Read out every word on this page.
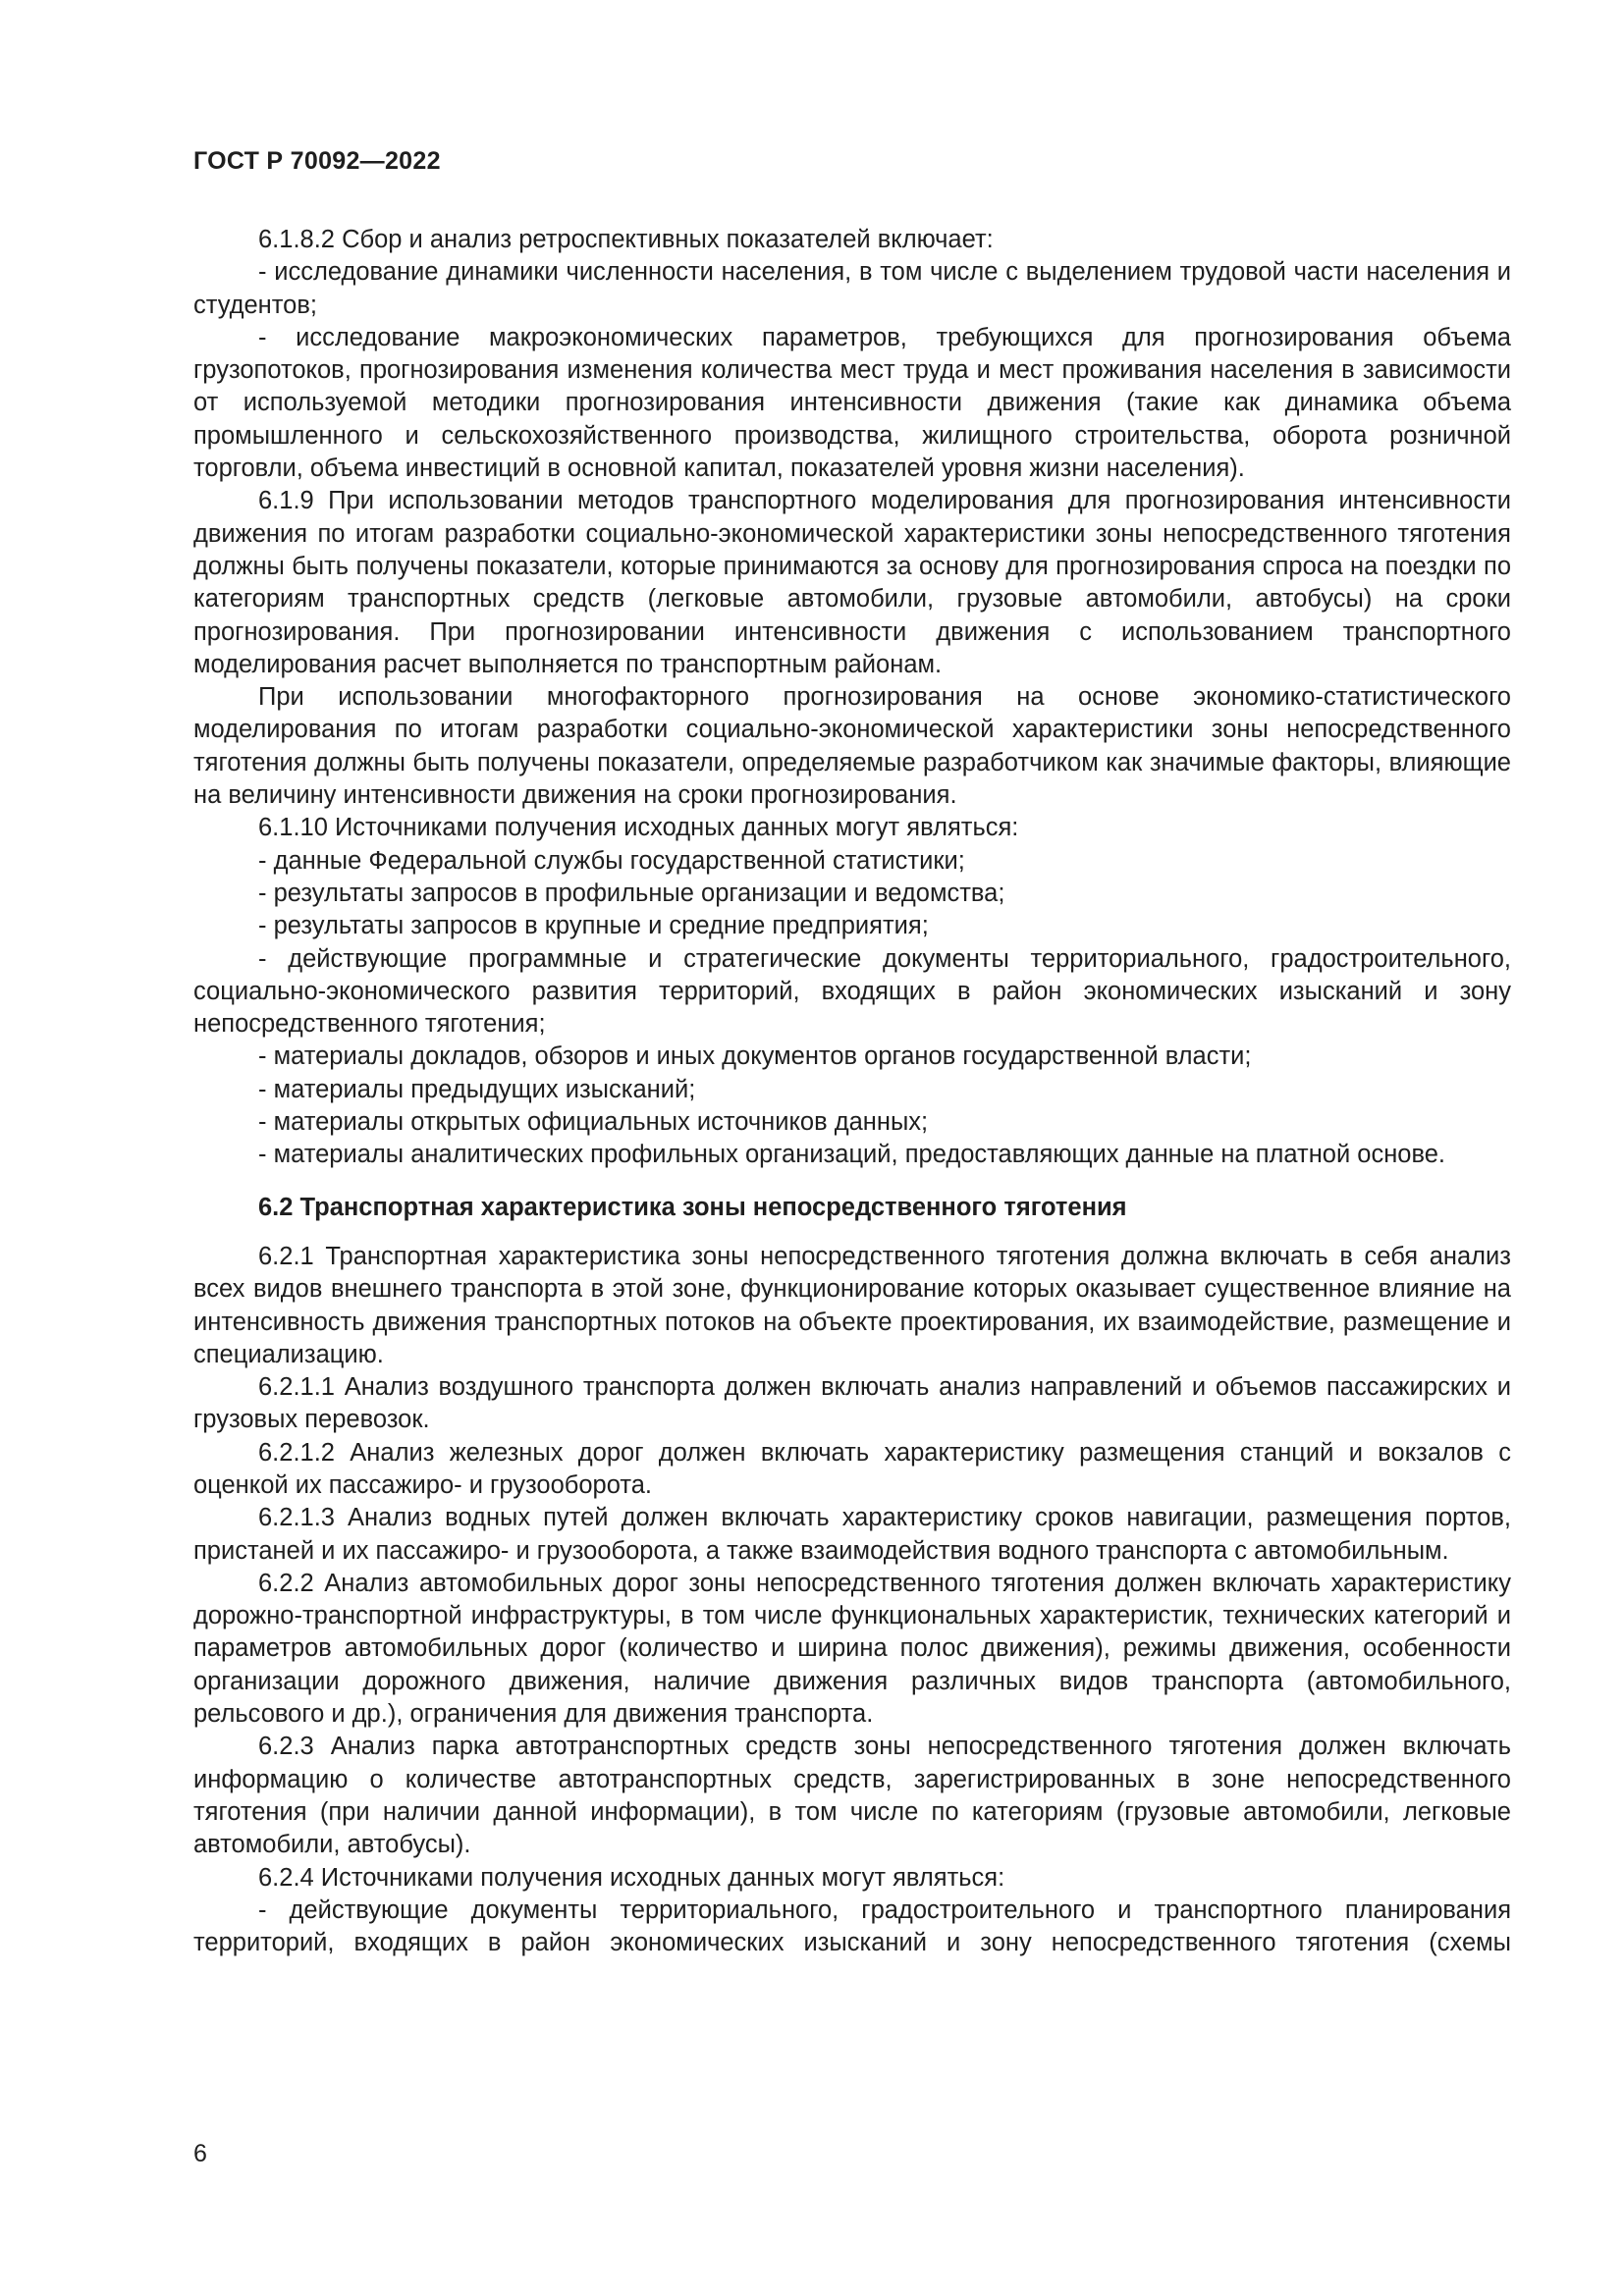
ГОСТ Р 70092—2022

6.1.8.2 Сбор и анализ ретроспективных показателей включает:

- исследование динамики численности населения, в том числе с выделением трудовой части населения и студентов;

- исследование макроэкономических параметров, требующихся для прогнозирования объема грузопотоков, прогнозирования изменения количества мест труда и мест проживания населения в зависимости от используемой методики прогнозирования интенсивности движения (такие как динамика объема промышленного и сельскохозяйственного производства, жилищного строительства, оборота розничной торговли, объема инвестиций в основной капитал, показателей уровня жизни населения).

6.1.9 При использовании методов транспортного моделирования для прогнозирования интенсивности движения по итогам разработки социально-экономической характеристики зоны непосредственного тяготения должны быть получены показатели, которые принимаются за основу для прогнозирования спроса на поездки по категориям транспортных средств (легковые автомобили, грузовые автомобили, автобусы) на сроки прогнозирования. При прогнозировании интенсивности движения с использованием транспортного моделирования расчет выполняется по транспортным районам.

При использовании многофакторного прогнозирования на основе экономико-статистического моделирования по итогам разработки социально-экономической характеристики зоны непосредственного тяготения должны быть получены показатели, определяемые разработчиком как значимые факторы, влияющие на величину интенсивности движения на сроки прогнозирования.

6.1.10 Источниками получения исходных данных могут являться:

- данные Федеральной службы государственной статистики;

- результаты запросов в профильные организации и ведомства;

- результаты запросов в крупные и средние предприятия;

- действующие программные и стратегические документы территориального, градостроительного, социально-экономического развития территорий, входящих в район экономических изысканий и зону непосредственного тяготения;

- материалы докладов, обзоров и иных документов органов государственной власти;

- материалы предыдущих изысканий;

- материалы открытых официальных источников данных;

- материалы аналитических профильных организаций, предоставляющих данные на платной основе.

6.2 Транспортная характеристика зоны непосредственного тяготения

6.2.1 Транспортная характеристика зоны непосредственного тяготения должна включать в себя анализ всех видов внешнего транспорта в этой зоне, функционирование которых оказывает существенное влияние на интенсивность движения транспортных потоков на объекте проектирования, их взаимодействие, размещение и специализацию.

6.2.1.1 Анализ воздушного транспорта должен включать анализ направлений и объемов пассажирских и грузовых перевозок.

6.2.1.2 Анализ железных дорог должен включать характеристику размещения станций и вокзалов с оценкой их пассажиро- и грузооборота.

6.2.1.3 Анализ водных путей должен включать характеристику сроков навигации, размещения портов, пристаней и их пассажиро- и грузооборота, а также взаимодействия водного транспорта с автомобильным.

6.2.2 Анализ автомобильных дорог зоны непосредственного тяготения должен включать характеристику дорожно-транспортной инфраструктуры, в том числе функциональных характеристик, технических категорий и параметров автомобильных дорог (количество и ширина полос движения), режимы движения, особенности организации дорожного движения, наличие движения различных видов транспорта (автомобильного, рельсового и др.), ограничения для движения транспорта.

6.2.3 Анализ парка автотранспортных средств зоны непосредственного тяготения должен включать информацию о количестве автотранспортных средств, зарегистрированных в зоне непосредственного тяготения (при наличии данной информации), в том числе по категориям (грузовые автомобили, легковые автомобили, автобусы).

6.2.4 Источниками получения исходных данных могут являться:

- действующие документы территориального, градостроительного и транспортного планирования территорий, входящих в район экономических изысканий и зону непосредственного тяготения (схемы

6
